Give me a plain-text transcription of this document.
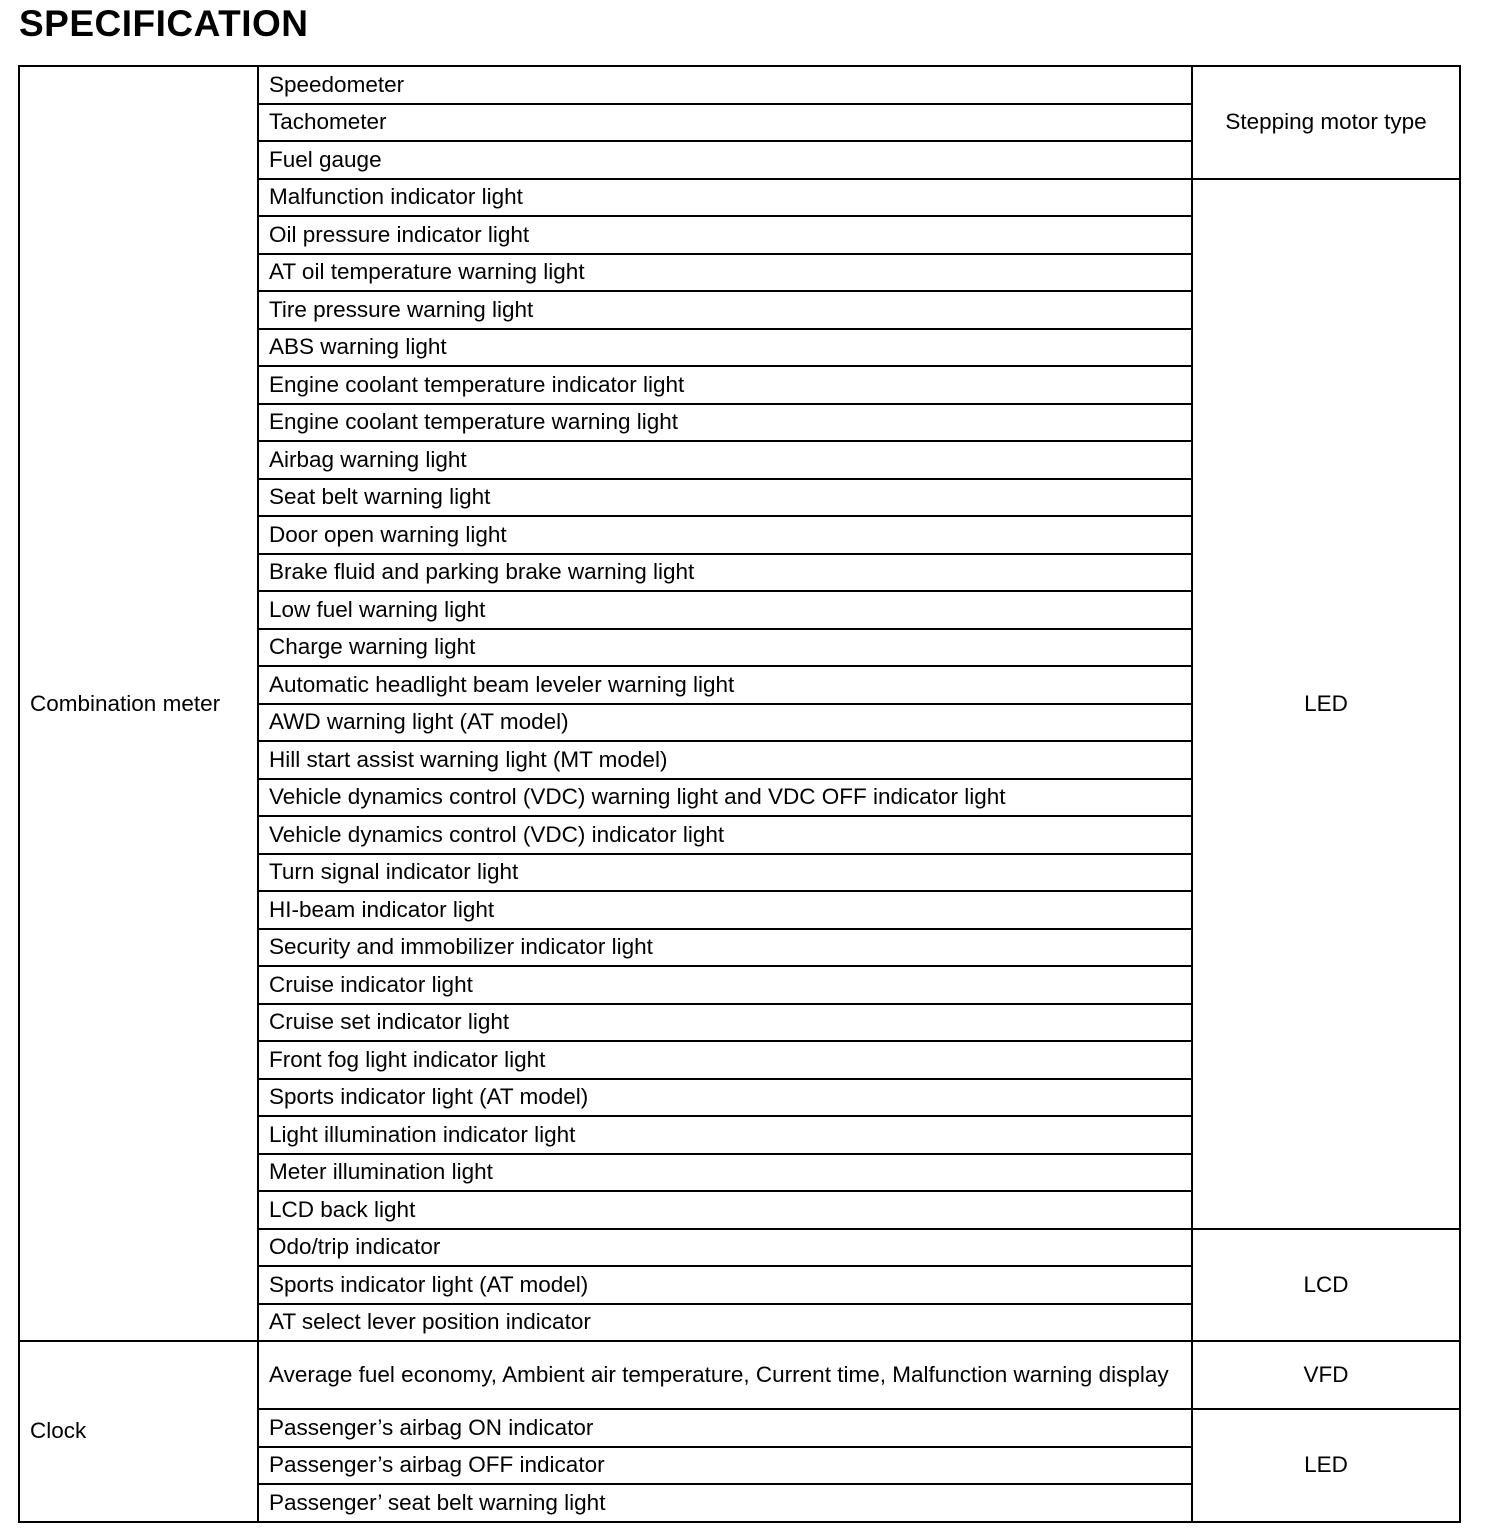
SPECIFICATION
Combination meter	Speedometer	Stepping motor type
	Tachometer	
	Fuel gauge	
	Malfunction indicator light	LED
	Oil pressure indicator light	
	AT oil temperature warning light	
	Tire pressure warning light	
	ABS warning light	
	Engine coolant temperature indicator light	
	Engine coolant temperature warning light	
	Airbag warning light	
	Seat belt warning light	
	Door open warning light	
	Brake fluid and parking brake warning light	
	Low fuel warning light	
	Charge warning light	
	Automatic headlight beam leveler warning light	
	AWD warning light (AT model)	
	Hill start assist warning light (MT model)	
	Vehicle dynamics control (VDC) warning light and VDC OFF indicator light	
	Vehicle dynamics control (VDC) indicator light	
	Turn signal indicator light	
	HI-beam indicator light	
	Security and immobilizer indicator light	
	Cruise indicator light	
	Cruise set indicator light	
	Front fog light indicator light	
	Sports indicator light (AT model)	
	Light illumination indicator light	
	Meter illumination light	
	LCD back light	
	Odo/trip indicator	LCD
	Sports indicator light (AT model)	
	AT select lever position indicator	
Clock	Average fuel economy, Ambient air temperature, Current time, Malfunction warning display	VFD
	Passenger’s airbag ON indicator	LED
	Passenger’s airbag OFF indicator	
	Passenger’ seat belt warning light	
